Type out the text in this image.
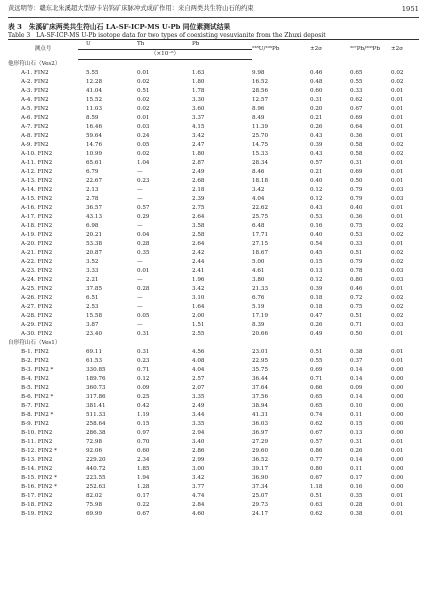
黄远明等：赣东北朱溪超大型矽卡岩钨矿床脉冲式成矿作用：来自两类共生符山石的约束	1951
表 3　朱溪矿床两类共生符山石 LA-SF-ICP-MS U-Pb 同位素测试结果
Table 3　LA-SF-ICP-MS U-Pb isotope data for two types of coexisting vesuvianite from the Zhuxi deposit
测点号	U	Th	Pb	²³⁸U/²⁰⁶Pb	±2σ	²⁰⁷Pb/²⁰⁶Pb	±2σ
	（×10⁻⁶）						
他形符山石（Ves2）							
A-1. FIN2	5.55	0.01	1.63	9.98	0.46	0.65	0.02
A-2. FIN2	12.28	0.02	1.80	16.52	0.48	0.55	0.02
A-3. FIN2	41.04	0.51	1.78	28.56	0.60	0.33	0.01
A-4. FIN2	15.52	0.02	3.30	12.57	0.31	0.62	0.01
A-5. FIN2	11.03	0.02	3.60	8.96	0.20	0.67	0.01
A-6. FIN2	8.59	0.01	3.37	8.49	0.21	0.69	0.01
A-7. FIN2	16.46	0.03	4.15	11.39	0.26	0.64	0.01
A-8. FIN2	59.64	0.24	3.42	25.70	0.43	0.36	0.01
A-9. FIN2	14.76	0.05	2.47	14.75	0.39	0.58	0.02
A-10. FIN2	10.99	0.02	1.80	15.33	0.43	0.58	0.02
A-11. FIN2	65.61	1.04	2.87	28.34	0.57	0.31	0.01
A-12. FIN2	6.79	—	2.49	8.46	0.21	0.69	0.01
A-13. FIN2	22.67	0.23	2.68	18.18	0.40	0.50	0.01
A-14. FIN2	2.13	—	2.18	3.42	0.12	0.79	0.03
A-15. FIN2	2.78	—	2.39	4.04	0.12	0.79	0.03
A-16. FIN2	36.57	0.57	2.75	22.62	0.43	0.40	0.01
A-17. FIN2	43.13	0.29	2.64	25.75	0.53	0.36	0.01
A-18. FIN2	6.98	—	3.58	6.48	0.16	0.75	0.02
A-19. FIN2	20.21	0.04	2.58	17.71	0.40	0.53	0.02
A-20. FIN2	53.38	0.28	2.64	27.15	0.54	0.33	0.01
A-21. FIN2	20.87	0.35	2.42	18.67	0.45	0.51	0.02
A-22. FIN2	3.52	—	2.44	5.00	0.15	0.79	0.02
A-23. FIN2	3.33	0.01	2.41	4.61	0.13	0.78	0.03
A-24. FIN2	2.21	—	1.96	3.80	0.12	0.80	0.03
A-25. FIN2	37.85	0.28	3.42	21.33	0.39	0.46	0.01
A-26. FIN2	6.51	—	3.10	6.76	0.18	0.72	0.02
A-27. FIN2	2.53	—	1.64	5.19	0.18	0.75	0.02
A-28. FIN2	15.58	0.05	2.00	17.19	0.47	0.51	0.02
A-29. FIN2	3.87	—	1.51	8.39	0.26	0.71	0.03
A-30. FIN2	23.40	0.31	2.55	20.66	0.49	0.50	0.01
自形符山石（Ves1）							
B-1. FIN2	69.11	0.31	4.56	23.01	0.51	0.38	0.01
B-2. FIN2	61.53	0.23	4.08	22.95	0.55	0.37	0.01
B-3. FIN2 *	330.85	0.71	4.04	35.75	0.69	0.14	0.00
B-4. FIN2	189.76	0.12	2.57	36.44	0.71	0.14	0.00
B-5. FIN2	360.73	0.09	2.07	37.64	0.66	0.09	0.00
B-6. FIN2 *	317.86	0.25	3.35	37.56	0.65	0.14	0.00
B-7. FIN2	381.41	0.42	2.49	38.94	0.65	0.10	0.00
B-8. FIN2 *	511.33	1.19	3.44	41.31	0.74	0.11	0.00
B-9. FIN2	258.64	0.15	3.35	36.03	0.62	0.15	0.00
B-10. FIN2	286.38	0.97	2.94	36.97	0.67	0.13	0.00
B-11. FIN2	72.98	0.70	3.40	27.29	0.57	0.31	0.01
B-12. FIN2 *	92.06	0.60	2.86	29.60	0.86	0.26	0.01
B-13. FIN2	229.20	2.34	2.99	36.52	0.77	0.14	0.00
B-14. FIN2	440.72	1.85	3.00	39.17	0.80	0.11	0.00
B-15. FIN2 *	223.55	1.94	3.42	36.90	0.67	0.17	0.00
B-16. FIN2 *	252.63	1.28	3.77	37.34	1.18	0.16	0.00
B-17. FIN2	82.02	0.17	4.74	25.07	0.51	0.35	0.01
B-18. FIN2	75.98	0.22	2.84	29.73	0.63	0.28	0.01
B-19. FIN2	69.99	0.67	4.60	24.17	0.62	0.38	0.01
